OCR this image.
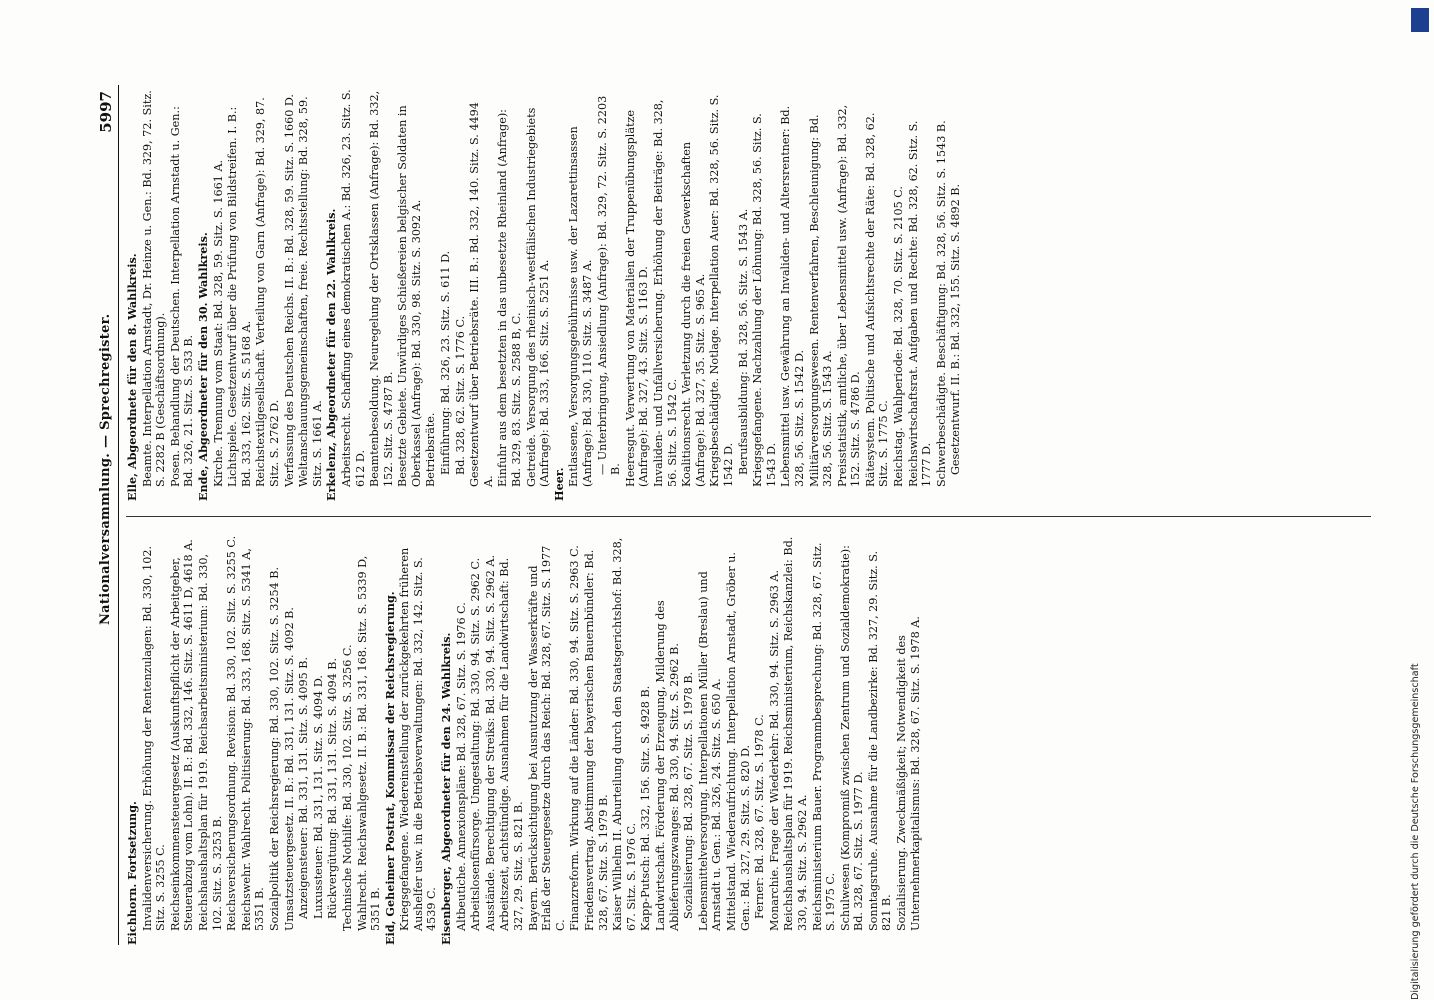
Nationalversammlung. — Sprechregister.
5997
Eichhorn. Fortsetzung. Invalidenversicherung. Erhöhung der Rentenzulagen: Bd. 330, 102. Sitz. S. 3255 C. Reichseinkommensteuergesetz (Auskunftspflicht der Arbeitgeber, Steuerabzug vom Lohn). II. B.: Bd. 332, 146. Sitz. S. 4611 D, 4618 A. Reichshaushaltsplan für 1919. Reichsarbeitsministerium: Bd. 330, 102. Sitz. S. 3253 B. Reichsversicherungsordnung. Revision: Bd. 330, 102. Sitz. S. 3255 C. Reichswehr. Wahlrecht. Politisierung: Bd. 333, 168. Sitz. S. 5341 A, 5351 B. Sozialpolitik der Reichsregierung: Bd. 330, 102. Sitz. S. 3254 B. Umsatzsteuergesetz. II. B.: Bd. 331, 131. Sitz. S. 4092 B. Anzeigensteuer: Bd. 331, 131. Sitz. S. 4095 B. Luxussteuer: Bd. 331, 131. Sitz. S. 4094 D. Rückvergütung: Bd. 331, 131. Sitz. S. 4094 B. Technische Nothilfe: Bd. 330, 102. Sitz. S. 3256 C. Wahlrecht. Reichswahlgesetz. II. B.: Bd. 331, 168. Sitz. S. 5339 D, 5351 B. Eid, Geheimer Postrat, Kommissar der Reichsregierung. Kriegsgefangene. Wiedereinstellung der zurückgekehrten früheren Aushelfer usw. in die Betriebsverwaltungen: Bd. 332, 142. Sitz. S. 4539 C. Eisenberger, Abgeordneter für den 24. Wahlkreis. Altbeutiche. Annexionspläne: Bd. 328, 67. Sitz. S. 1976 C. Arbeitslosenfürsorge. Umgestaltung: Bd. 330, 94. Sitz. S. 2962 C. Ausstände. Berechtigung der Streiks: Bd. 330, 94. Sitz. S. 2962 A. Arbeitszeit, achtstündige. Ausnahmen für die Landwirtschaft: Bd. 327, 29. Sitz. S. 821 B. Bayern. Berücksichtigung bei Ausnutzung der Wasserkräfte und Erlaß der Steuergesetze durch das Reich: Bd. 328, 67. Sitz. S. 1977 C. Finanzreform. Wirkung auf die Länder: Bd. 330, 94. Sitz. S. 2963 C. Friedensvertrag. Abstimmung der bayerischen Bauernbündler: Bd. 328, 67. Sitz. S. 1979 B. Kaiser Wilhelm II. Aburteilung durch den Staatsgerichtshof: Bd. 328, 67. Sitz. S. 1976 C. Kapp-Putsch: Bd. 332, 156. Sitz. S. 4928 B. Landwirtschaft. Förderung der Erzeugung, Milderung des Ablieferungszwanges: Bd. 330, 94. Sitz. S. 2962 B. Sozialisierung: Bd. 328, 67. Sitz. S. 1978 B. Lebensmittelversorgung. Interpellationen Müller (Breslau) und Arnstadt u. Gen.: Bd. 326, 24. Sitz. S. 650 A. Mittelstand. Wiederaufrichtung. Interpellation Arnstadt, Gröber u. Gen.: Bd. 327, 29. Sitz. S. 820 D. Ferner: Bd. 328, 67. Sitz. S. 1978 C. Monarchie. Frage der Wiederkehr: Bd. 330, 94. Sitz. S. 2963 A. Reichshaushaltsplan für 1919. Reichsministerium, Reichskanzlei: Bd. 330, 94. Sitz. S. 2962 A. Reichsministerium Bauer. Programmbesprechung: Bd. 328, 67. Sitz. S. 1975 C. Schulwesen (Kompromiß zwischen Zentrum und Sozialdemokratie): Bd. 328, 67. Sitz. S. 1977 D. Sonntagsruhe. Ausnahme für die Landbezirke: Bd. 327, 29. Sitz. S. 821 B. Sozialisierung. Zweckmäßigkeit; Notwendigkeit des Unternehmerkapitalismus: Bd. 328, 67. Sitz. S. 1978 A.
Elle, Abgeordnete für den 8. Wahlkreis. Beamte. Interpellation Arnstadt, Dr. Heinze u. Gen.: Bd. 329, 72. Sitz. S. 2282 B (Geschäftsordnung). Posen. Behandlung der Deutschen. Interpellation Arnstadt u. Gen.: Bd. 326, 21. Sitz. S. 533 B. Ende, Abgeordneter für den 30. Wahlkreis. Kirche. Trennung vom Staat: Bd. 328, 59. Sitz. S. 1661 A. Lichtspiele. Gesetzentwurf über die Prüfung von Bildstreifen. I. B.: Bd. 333, 162. Sitz. S. 5168 A. Reichstextilgesellschaft. Verteilung von Garn (Anfrage): Bd. 329, 87. Sitz. S. 2762 D. Verfassung des Deutschen Reichs. II. B.: Bd. 328, 59. Sitz. S. 1660 D. Weltanschauungsgemeinschaften, freie. Rechtsstellung: Bd. 328, 59. Sitz. S. 1661 A. Erkelenz, Abgeordneter für den 22. Wahlkreis. Arbeitsrecht. Schaffung eines demokratischen A.: Bd. 326, 23. Sitz. S. 612 D. Beamtenbesoldung. Neuregelung der Ortsklassen (Anfrage): Bd. 332, 152. Sitz. S. 4787 B. Besetzte Gebiete. Unwürdiges Schießereien belgischer Soldaten in Oberkassel (Anfrage): Bd. 330, 98. Sitz. S. 3092 A. Betriebsräte. Einführung: Bd. 326, 23. Sitz. S. 611 D. Bd. 328, 62. Sitz. S. 1776 C. Gesetzentwurf über Betriebsräte. III. B.: Bd. 332, 140. Sitz. S. 4494 A. Einfuhr aus dem besetzten in das unbesetzte Rheinland (Anfrage): Bd. 329, 83. Sitz. S. 2588 B, C. Getreide. Versorgung des rheinisch-westfälischen Industriegebiets (Anfrage): Bd. 333, 166. Sitz. S. 5251 A. Heer. Entlassene, Versorgungsgebührnisse usw. der Lazarettinsassen (Anfrage): Bd. 330, 110. Sitz. S. 3487 A. — Unterbringung, Ansiedlung (Anfrage): Bd. 329, 72. Sitz. S. 2203 B. Heeresgut. Verwertung von Materialien der Truppenübungsplätze (Anfrage): Bd. 327, 43. Sitz. S. 1163 D. Invaliden- und Unfallversicherung. Erhöhung der Beiträge: Bd. 328, 56. Sitz. S. 1542 C. Koalitionsrecht. Verletzung durch die freien Gewerkschaften (Anfrage): Bd. 327, 35. Sitz. S. 965 A. Kriegsbeschädigte. Notlage. Interpellation Auer: Bd. 328, 56. Sitz. S. 1542 D. Berufsausbildung: Bd. 328, 56. Sitz. S. 1543 A. Kriegsgefangene. Nachzahlung der Löhnung: Bd. 328, 56. Sitz. S. 1543 D. Lebensmittel usw. Gewährung an Invaliden- und Altersrentner: Bd. 328, 56. Sitz. S. 1542 D. Militärversorgungswesen. Rentenverfahren, Beschleunigung: Bd. 328, 56. Sitz. S. 1543 A. Preisstatistik, amtliche, über Lebensmittel usw. (Anfrage): Bd. 332, 152. Sitz. S. 4786 D. Rätesystem. Politische und Aufsichtsrechte der Räte: Bd. 328, 62. Sitz. S. 1775 C. Reichstag. Wahlperiode: Bd. 328, 70. Sitz. S. 2105 C. Reichswirtschaftsrat. Aufgaben und Rechte: Bd. 328, 62. Sitz. S. 1777 D. Schwerbeschädigte. Beschäftigung: Bd. 328, 56. Sitz. S. 1543 B. Gesetzentwurf. II. B.: Bd. 332, 155. Sitz. S. 4892 B.
Digitalisierung gefördert durch die Deutsche Forschungsgemeinschaft
